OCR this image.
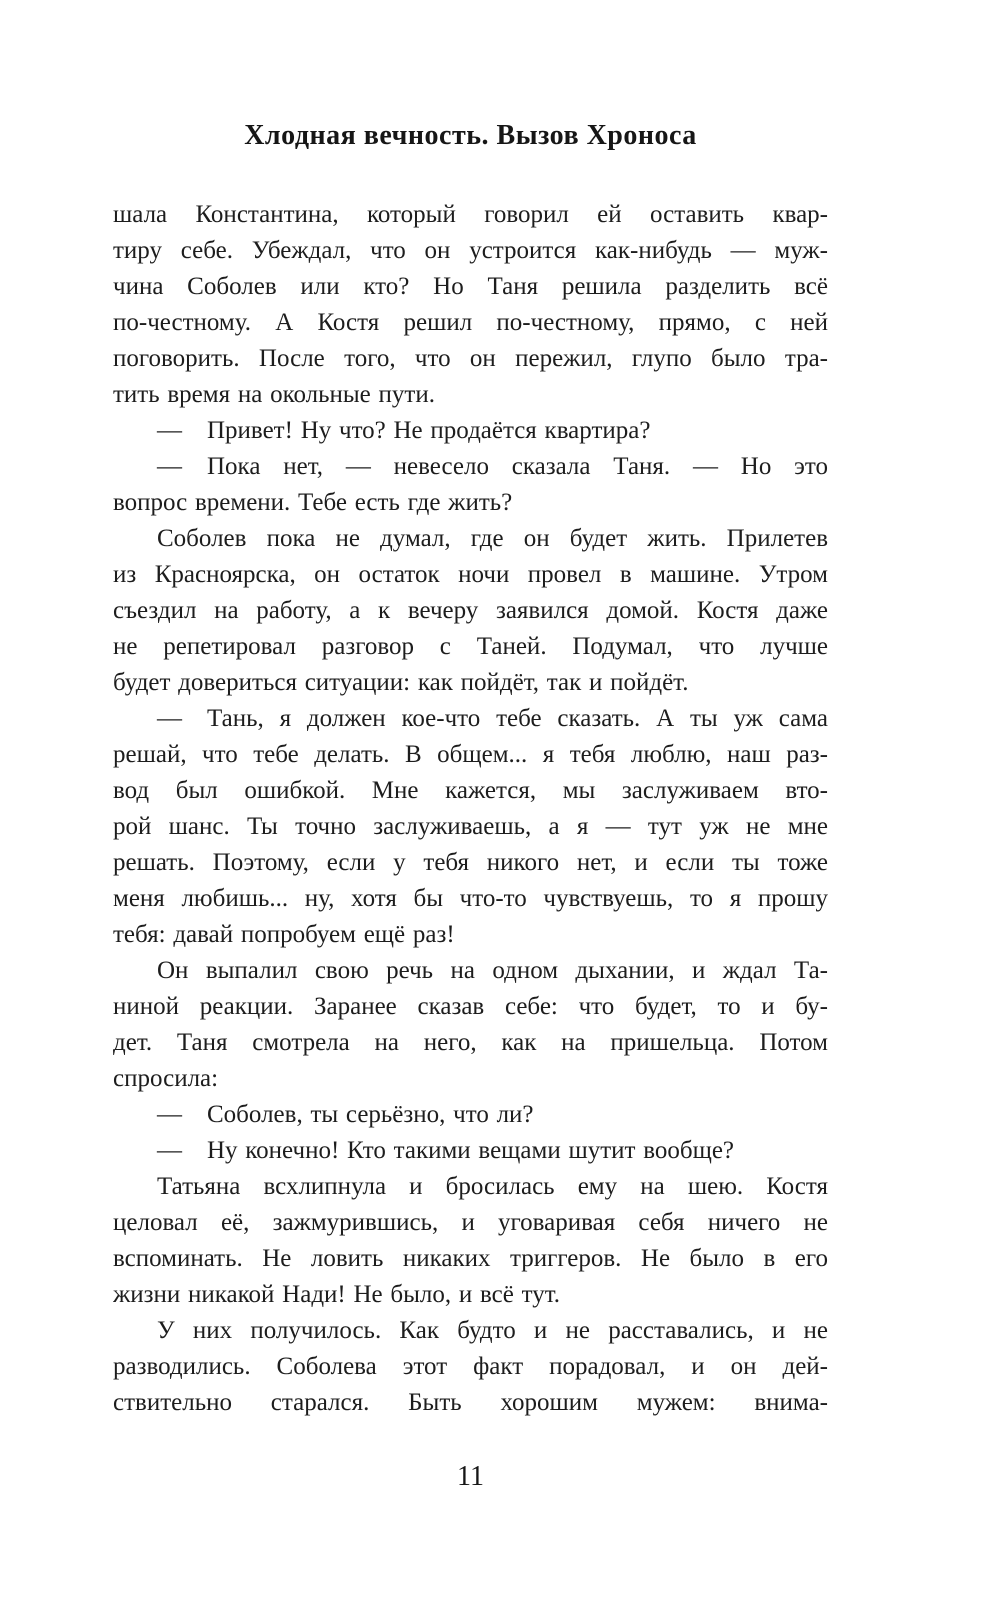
Хлодная вечность. Вызов Хроноса
шала Константина, который говорил ей оставить квар-
тиру себе. Убеждал, что он устроится как-нибудь — муж-
чина Соболев или кто? Но Таня решила разделить всё
по-честному. А Костя решил по-честному, прямо, с ней
поговорить. После того, что он пережил, глупо было тра-
тить время на окольные пути.
— Привет! Ну что? Не продаётся квартира?
— Пока нет, — невесело сказала Таня. — Но это
вопрос времени. Тебе есть где жить?
Соболев пока не думал, где он будет жить. Прилетев
из Красноярска, он остаток ночи провел в машине. Утром
съездил на работу, а к вечеру заявился домой. Костя даже
не репетировал разговор с Таней. Подумал, что лучше
будет довериться ситуации: как пойдёт, так и пойдёт.
— Тань, я должен кое-что тебе сказать. А ты уж сама
решай, что тебе делать. В общем... я тебя люблю, наш раз-
вод был ошибкой. Мне кажется, мы заслуживаем вто-
рой шанс. Ты точно заслуживаешь, а я — тут уж не мне
решать. Поэтому, если у тебя никого нет, и если ты тоже
меня любишь... ну, хотя бы что-то чувствуешь, то я прошу
тебя: давай попробуем ещё раз!
Он выпалил свою речь на одном дыхании, и ждал Та-
ниной реакции. Заранее сказав себе: что будет, то и бу-
дет. Таня смотрела на него, как на пришельца. Потом
спросила:
— Соболев, ты серьёзно, что ли?
— Ну конечно! Кто такими вещами шутит вообще?
Татьяна всхлипнула и бросилась ему на шею. Костя
целовал её, зажмурившись, и уговаривая себя ничего не
вспоминать. Не ловить никаких триггеров. Не было в его
жизни никакой Нади! Не было, и всё тут.
У них получилось. Как будто и не расставались, и не
разводились. Соболева этот факт порадовал, и он дей-
ствительно старался. Быть хорошим мужем: внима-
11
